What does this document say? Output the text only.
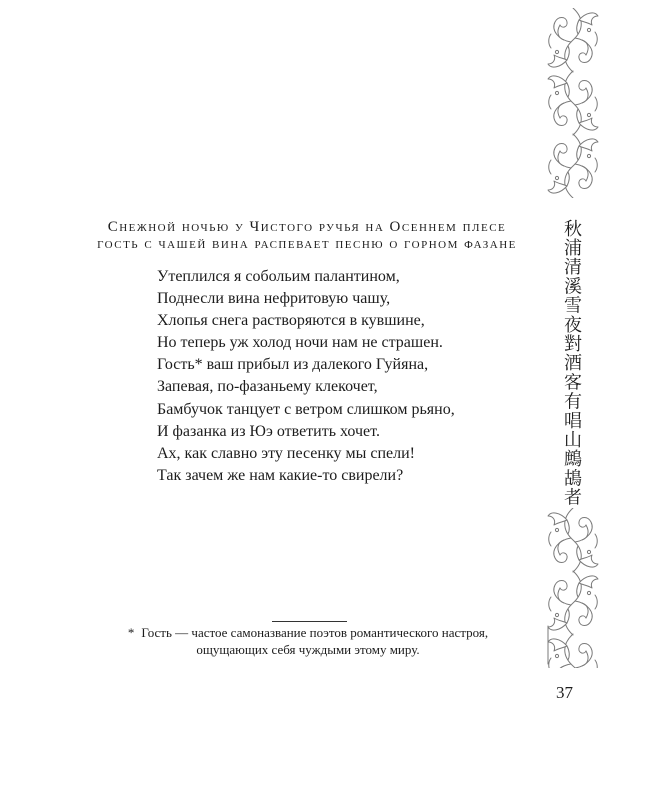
秋浦清溪雪夜對酒客有唱山鷓鴣者
Снежной ночью у Чистого ручья на Осеннем плесе
гость с чашей вина распевает песню о горном фазане
Утеплился я собольим палантином,
Поднесли вина нефритовую чашу,
Хлопья снега растворяются в кувшине,
Но теперь уж холод ночи нам не страшен.
Гость* ваш прибыл из далекого Гуйяна,
Запевая, по-фазаньему клекочет,
Бамбучок танцует с ветром слишком рьяно,
И фазанка из Юэ ответить хочет.
Ах, как славно эту песенку мы спели!
Так зачем же нам какие-то свирели?
* Гость — частое самоназвание поэтов романтического настроя,
ощущающих себя чуждыми этому миру.
37
